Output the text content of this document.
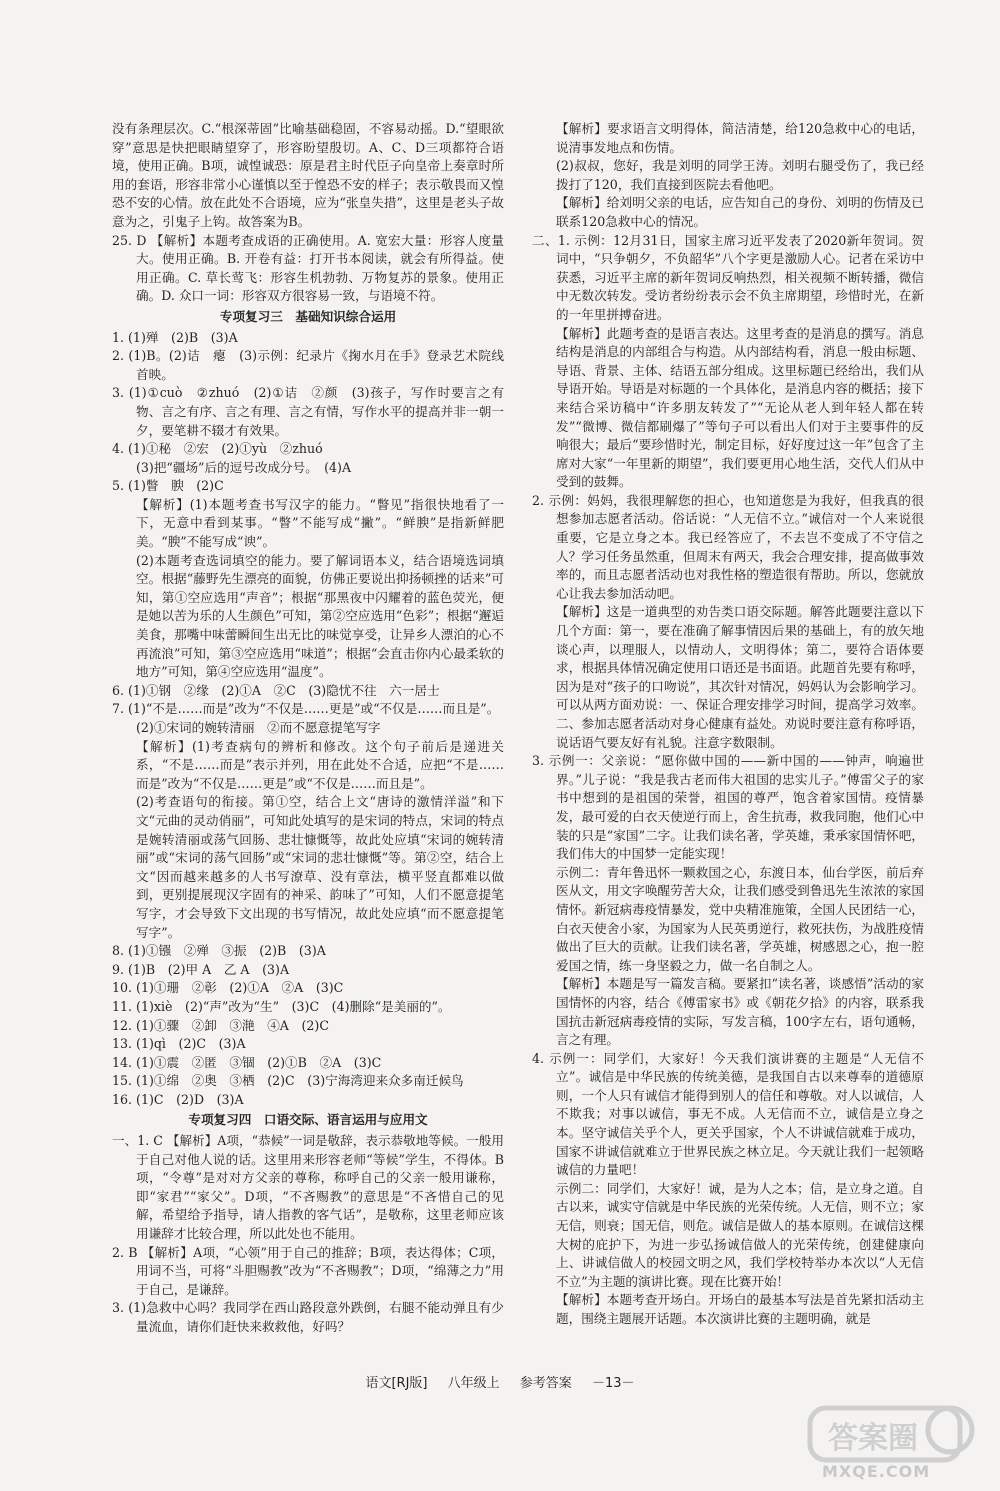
没有条理层次。C.“根深蒂固”比喻基础稳固，不容易动摇。D.“望眼欲穿”意思是快把眼睛望穿了，形容盼望殷切。A、C、D三项都符合语境，使用正确。B项，诚惶诚恐：原是君主时代臣子向皇帝上奏章时所用的套语，形容非常小心谨慎以至于惶恐不安的样子；表示敬畏而又惶恐不安的心情。放在此处不合语境，应为“张皇失措”，这里是老头子故意为之，引鬼子上钩。故答案为B。

25. D 【解析】本题考查成语的正确使用。A. 宽宏大量：形容人度量大。使用正确。B. 开卷有益：打开书本阅读，就会有所得益。使用正确。C. 草长莺飞：形容生机勃勃、万物复苏的景象。使用正确。D. 众口一词：形容双方很容易一致，与语境不符。

专项复习三　基础知识综合运用

1. (1)殚　(2)B　(3)A

2. (1)B。(2)诘　瘪　(3)示例：纪录片《掬水月在手》登录艺术院线首映。

3. (1)①cuò　②zhuó　(2)①诘　②颜　(3)孩子，写作时要言之有物、言之有序、言之有理、言之有情，写作水平的提高并非一朝一夕，要笔耕不辍才有效果。

4. (1)①秘　②宏　(2)①yù　②zhuó

(3)把“疆场”后的逗号改成分号。　(4)A

5. (1)瞥　腴　(2)C

【解析】(1)本题考查书写汉字的能力。“瞥见”指很快地看了一下，无意中看到某事。“瞥”不能写成“撇”。“鲜腴”是指新鲜肥美。“腴”不能写成“谀”。

(2)本题考查选词填空的能力。要了解词语本义，结合语境选词填空。根据“藤野先生漂亮的面貌，仿佛正要说出抑扬顿挫的话来”可知，第①空应选用“声音”；根据“那黑夜中闪耀着的蓝色荧光，便是她以苦为乐的人生颜色”可知，第②空应选用“色彩”；根据“邂逅美食，那嘴中味蕾瞬间生出无比的味觉享受，让异乡人漂泊的心不再流浪”可知，第③空应选用“味道”；根据“会直击你内心最柔软的地方”可知，第④空应选用“温度”。

6. (1)①钢　②缘　(2)①A　②C　(3)隐忧不往　六一居士

7. (1)“不是……而是”改为“不仅是……更是”或“不仅是……而且是”。

(2)①宋词的婉转清丽　②而不愿意提笔写字

【解析】(1)考查病句的辨析和修改。这个句子前后是递进关系，“不是……而是”表示并列，用在此处不合适，应把“不是……而是”改为“不仅是……更是”或“不仅是……而且是”。

(2)考查语句的衔接。第①空，结合上文“唐诗的激情洋溢”和下文“元曲的灵动俏丽”，可知此处填写的是宋词的特点，宋词的特点是婉转清丽或荡气回肠、悲壮慷慨等，故此处应填“宋词的婉转清丽”或“宋词的荡气回肠”或“宋词的悲壮慷慨”等。第②空，结合上文“因而越来越多的人书写潦草、没有章法，横平竖直都难以做到，更别提展现汉字固有的神采、韵味了”可知，人们不愿意提笔写字，才会导致下文出现的书写情况，故此处应填“而不愿意提笔写字”。

8. (1)①镪　②殚　③振　(2)B　(3)A

9. (1)B　(2)甲 A　乙 A　(3)A

10. (1)①珊　②彰　(2)①A　②A　(3)C

11. (1)xiè　(2)“声”改为“生”　(3)C　(4)删除“是美丽的”。

12. (1)①骤　②卸　③滟　④A　(2)C

13. (1)qì　(2)C　(3)A

14. (1)①震　②匿　③锢　(2)①B　②A　(3)C

15. (1)①绵　②奥　③栖　(2)C　(3)宁海湾迎来众多南迁候鸟

16. (1)C　(2)D　(3)A

专项复习四　口语交际、语言运用与应用文

一、1. C 【解析】A项，“恭候”一词是敬辞，表示恭敬地等候。一般用于自己对他人说的话。这里用来形容老师“等候”学生，不得体。B项，“令尊”是对对方父亲的尊称，称呼自己的父亲一般用谦称，即“家君”“家父”。D项，“不吝赐教”的意思是“不吝惜自己的见解，希望给予指导，请人指教的客气话”，是敬称，这里老师应该用谦辞才比较合理，所以此处也不能用。

2. B 【解析】A项，“心领”用于自己的推辞；B项，表达得体；C项，用词不当，可将“斗胆赐教”改为“不吝赐教”；D项，“绵薄之力”用于自己，是谦辞。

3. (1)急救中心吗？我同学在西山路段意外跌倒，右腿不能动弹且有少量流血，请你们赶快来救救他，好吗？

【解析】要求语言文明得体，简洁清楚，给120急救中心的电话，说清事发地点和伤情。

(2)叔叔，您好，我是刘明的同学王涛。刘明右腿受伤了，我已经拨打了120，我们直接到医院去看他吧。

【解析】给刘明父亲的电话，应告知自己的身份、刘明的伤情及已联系120急救中心的情况。

二、1. 示例：12月31日，国家主席习近平发表了2020新年贺词。贺词中，“只争朝夕，不负韶华”八个字更是激励人心。记者在采访中获悉，习近平主席的新年贺词反响热烈，相关视频不断转播，微信中无数次转发。受访者纷纷表示会不负主席期望，珍惜时光，在新的一年里拼搏奋进。

【解析】此题考查的是语言表达。这里考查的是消息的撰写。消息结构是消息的内部组合与构造。从内部结构看，消息一般由标题、导语、背景、主体、结语五部分组成。这里标题已经给出，我们从导语开始。导语是对标题的一个具体化，是消息内容的概括；接下来结合采访稿中“许多朋友转发了”“无论从老人到年轻人都在转发”“微博、微信都刷爆了”等句子可以看出人们对于主要事件的反响很大；最后“要珍惜时光，制定目标，好好度过这一年”包含了主席对大家“一年里新的期望”，我们要更用心地生活，交代人们从中受到的鼓舞。

2. 示例：妈妈，我很理解您的担心，也知道您是为我好，但我真的很想参加志愿者活动。俗话说：“人无信不立。”诚信对一个人来说很重要，它是立身之本。我已经答应了，不去岂不变成了不守信之人？学习任务虽然重，但周末有两天，我会合理安排，提高做事效率的，而且志愿者活动也对我性格的塑造很有帮助。所以，您就放心让我去参加活动吧。

【解析】这是一道典型的劝告类口语交际题。解答此题要注意以下几个方面：第一，要在准确了解事情因后果的基础上，有的放矢地谈心声，以理服人，以情动人，文明得体；第二，要符合语体要求，根据具体情况确定使用口语还是书面语。此题首先要有称呼，因为是对“孩子的口吻说”，其次针对情况，妈妈认为会影响学习。可以从两方面劝说：一、保证合理安排学习时间，提高学习效率。二、参加志愿者活动对身心健康有益处。劝说时要注意有称呼语，说话语气要友好有礼貌。注意字数限制。

3. 示例一：父亲说：“愿你做中国的——新中国的——钟声，响遍世界。”儿子说：“我是我古老而伟大祖国的忠实儿子。”傅雷父子的家书中想到的是祖国的荣誉，祖国的尊严，饱含着家国情。疫情暴发，最可爱的白衣天使逆行而上，舍生抗毒，救我同胞，他们心中装的只是“家国”二字。让我们读名著，学英雄，秉承家国情怀吧，我们伟大的中国梦一定能实现！

示例二：青年鲁迅怀一颗救国之心，东渡日本，仙台学医，前后弃医从文，用文字唤醒劳苦大众，让我们感受到鲁迅先生浓浓的家国情怀。新冠病毒疫情暴发，党中央精准施策，全国人民团结一心，白衣天使舍小家，为国家为人民英勇逆行，救死扶伤，为战胜疫情做出了巨大的贡献。让我们读名著，学英雄，树感恩之心，抱一腔爱国之情，练一身坚毅之力，做一名自制之人。

【解析】本题是写一篇发言稿。要紧扣“读名著，谈感悟”活动的家国情怀的内容，结合《傅雷家书》或《朝花夕拾》的内容，联系我国抗击新冠病毒疫情的实际，写发言稿，100字左右，语句通畅，言之有理。

4. 示例一：同学们，大家好！今天我们演讲赛的主题是“人无信不立”。诚信是中华民族的传统美德，是我国自古以来尊奉的道德原则，一个人只有诚信才能得到别人的信任和尊敬。对人以诚信，人不欺我；对事以诚信，事无不成。人无信而不立，诚信是立身之本。坚守诚信关乎个人，更关乎国家，个人不讲诚信就难于成功，国家不讲诚信就难立于世界民族之林立足。今天就让我们一起领略诚信的力量吧！

示例二：同学们，大家好！诚，是为人之本；信，是立身之道。自古以来，诚实守信就是中华民族的光荣传统。人无信，则不立；家无信，则衰；国无信，则危。诚信是做人的基本原则。在诚信这棵大树的庇护下，为进一步弘扬诚信做人的光荣传统，创建健康向上、讲诚信做人的校园文明之风，我们学校特举办本次以“人无信不立”为主题的演讲比赛。现在比赛开始！

【解析】本题考查开场白。开场白的最基本写法是首先紧扣活动主题，围绕主题展开话题。本次演讲比赛的主题明确，就是

语文[RJ版] 八年级上 参考答案 －13－
答案圈
MXQE.COM
